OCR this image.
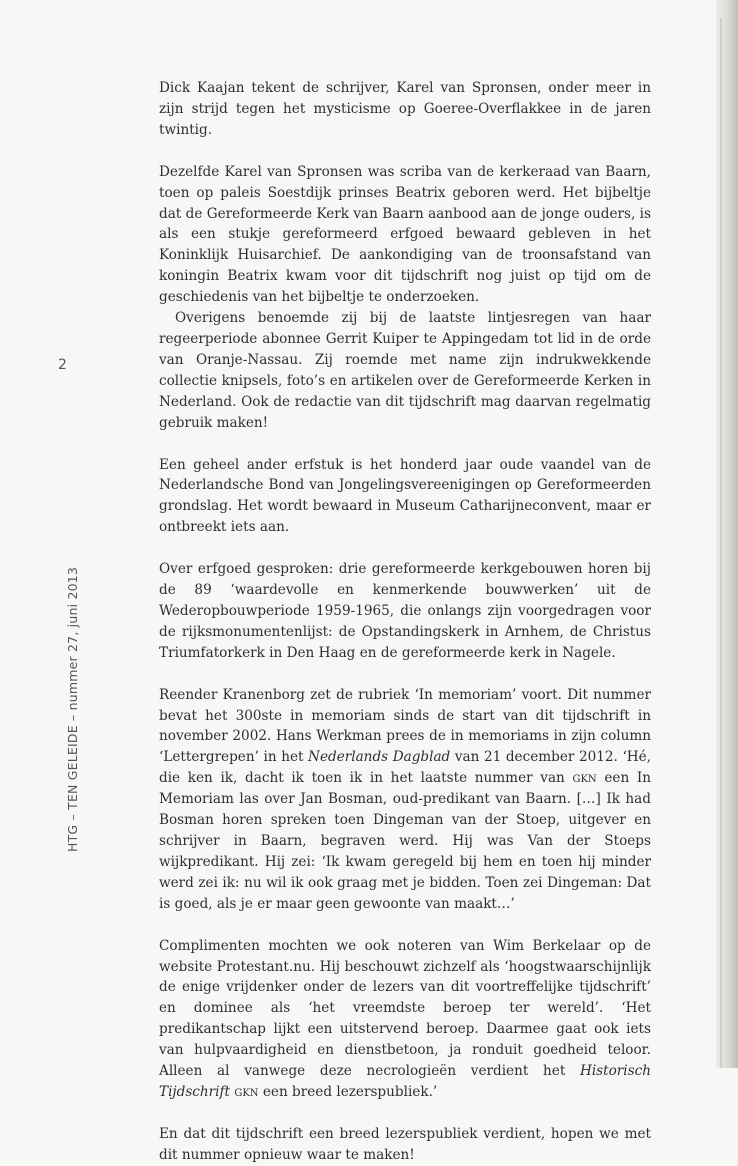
2
HTG – TEN GELEIDE – nummer 27, juni 2013

Dick Kaajan tekent de schrijver, Karel van Spronsen, onder meer in zijn strijd tegen het mysticisme op Goeree-Overflakkee in de jaren twintig.

Dezelfde Karel van Spronsen was scriba van de kerkeraad van Baarn, toen op paleis Soestdijk prinses Beatrix geboren werd. Het bijbeltje dat de Gereformeerde Kerk van Baarn aanbood aan de jonge ouders, is als een stukje gereformeerd erfgoed bewaard gebleven in het Koninklijk Huisarchief. De aankondiging van de troonsafstand van koningin Beatrix kwam voor dit tijdschrift nog juist op tijd om de geschiedenis van het bijbeltje te onderzoeken.

Overigens benoemde zij bij de laatste lintjesregen van haar regeerperiode abonnee Gerrit Kuiper te Appingedam tot lid in de orde van Oranje-Nassau. Zij roemde met name zijn indrukwekkende collectie knipsels, foto’s en artikelen over de Gereformeerde Kerken in Nederland. Ook de redactie van dit tijdschrift mag daarvan regelmatig gebruik maken!

Een geheel ander erfstuk is het honderd jaar oude vaandel van de Nederlandsche Bond van Jongelingsvereenigingen op Gereformeerden grondslag. Het wordt bewaard in Museum Catharijneconvent, maar er ontbreekt iets aan.

Over erfgoed gesproken: drie gereformeerde kerkgebouwen horen bij de 89 ‘waardevolle en kenmerkende bouwwerken’ uit de Wederopbouwperiode 1959-1965, die onlangs zijn voorgedragen voor de rijksmonumentenlijst: de Opstandingskerk in Arnhem, de Christus Triumfatorkerk in Den Haag en de gereformeerde kerk in Nagele.

Reender Kranenborg zet de rubriek ‘In memoriam’ voort. Dit nummer bevat het 300ste in memoriam sinds de start van dit tijdschrift in november 2002. Hans Werkman prees de in memoriams in zijn column ‘Lettergrepen’ in het Nederlands Dagblad van 21 december 2012. ‘Hé, die ken ik, dacht ik toen ik in het laatste nummer van gkn een In Memoriam las over Jan Bosman, oud-predikant van Baarn. […] Ik had Bosman horen spreken toen Dingeman van der Stoep, uitgever en schrijver in Baarn, begraven werd. Hij was Van der Stoeps wijkpredikant. Hij zei: ‘Ik kwam geregeld bij hem en toen hij minder werd zei ik: nu wil ik ook graag met je bidden. Toen zei Dingeman: Dat is goed, als je er maar geen gewoonte van maakt…’

Complimenten mochten we ook noteren van Wim Berkelaar op de website Protestant.nu. Hij beschouwt zichzelf als ‘hoogstwaarschijnlijk de enige vrijdenker onder de lezers van dit voortreffelijke tijdschrift’ en dominee als ‘het vreemdste beroep ter wereld’. ‘Het predikantschap lijkt een uitstervend beroep. Daarmee gaat ook iets van hulpvaardigheid en dienstbetoon, ja ronduit goedheid teloor. Alleen al vanwege deze necrologieën verdient het Historisch Tijdschrift gkn een breed lezerspubliek.’

En dat dit tijdschrift een breed lezerspubliek verdient, hopen we met dit nummer opnieuw waar te maken!
